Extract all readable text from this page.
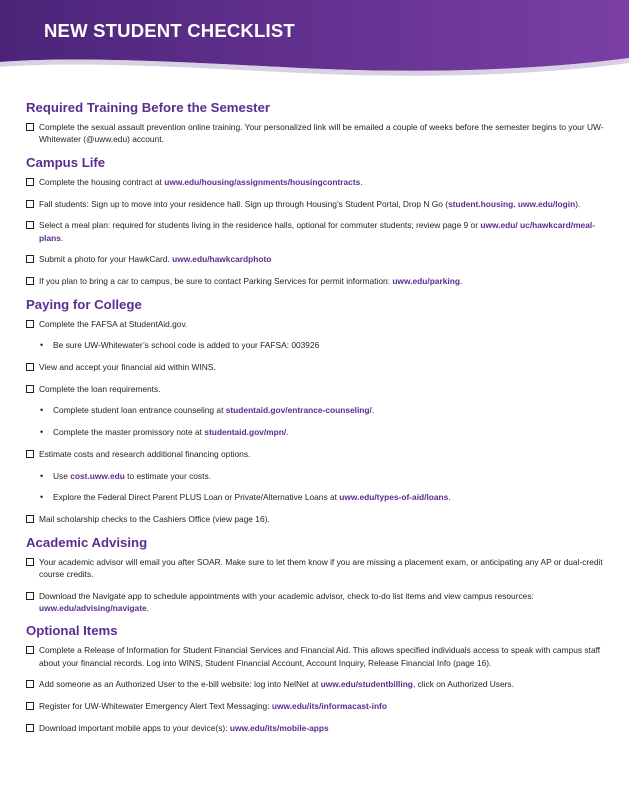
NEW STUDENT CHECKLIST
Required Training Before the Semester
Complete the sexual assault prevention online training. Your personalized link will be emailed a couple of weeks before the semester begins to your UW-Whitewater (@uww.edu) account.
Campus Life
Complete the housing contract at uww.edu/housing/assignments/housingcontracts.
Fall students: Sign up to move into your residence hall. Sign up through Housing’s Student Portal, Drop N Go (student.housing. uww.edu/login).
Select a meal plan: required for students living in the residence halls, optional for commuter students; review page 9 or uww.edu/ uc/hawkcard/meal-plans.
Submit a photo for your HawkCard. uww.edu/hawkcardphoto
If you plan to bring a car to campus, be sure to contact Parking Services for permit information: uww.edu/parking.
Paying for College
Complete the FAFSA at StudentAid.gov.
• Be sure UW-Whitewater’s school code is added to your FAFSA: 003926
View and accept your financial aid within WINS.
Complete the loan requirements.
• Complete student loan entrance counseling at studentaid.gov/entrance-counseling/.
• Complete the master promissory note at studentaid.gov/mpn/.
Estimate costs and research additional financing options.
• Use cost.uww.edu to estimate your costs.
• Explore the Federal Direct Parent PLUS Loan or Private/Alternative Loans at uww.edu/types-of-aid/loans.
Mail scholarship checks to the Cashiers Office (view page 16).
Academic Advising
Your academic advisor will email you after SOAR. Make sure to let them know if you are missing a placement exam, or anticipating any AP or dual-credit course credits.
Download the Navigate app to schedule appointments with your academic advisor, check to-do list items and view campus resources: uww.edu/advising/navigate.
Optional Items
Complete a Release of Information for Student Financial Services and Financial Aid. This allows specified individuals access to speak with campus staff about your financial records. Log into WINS, Student Financial Account, Account Inquiry, Release Financial Info (page 16).
Add someone as an Authorized User to the e-bill website: log into NelNet at uww.edu/studentbilling, click on Authorized Users.
Register for UW-Whitewater Emergency Alert Text Messaging: uww.edu/its/informacast-info
Download important mobile apps to your device(s): uww.edu/its/mobile-apps
